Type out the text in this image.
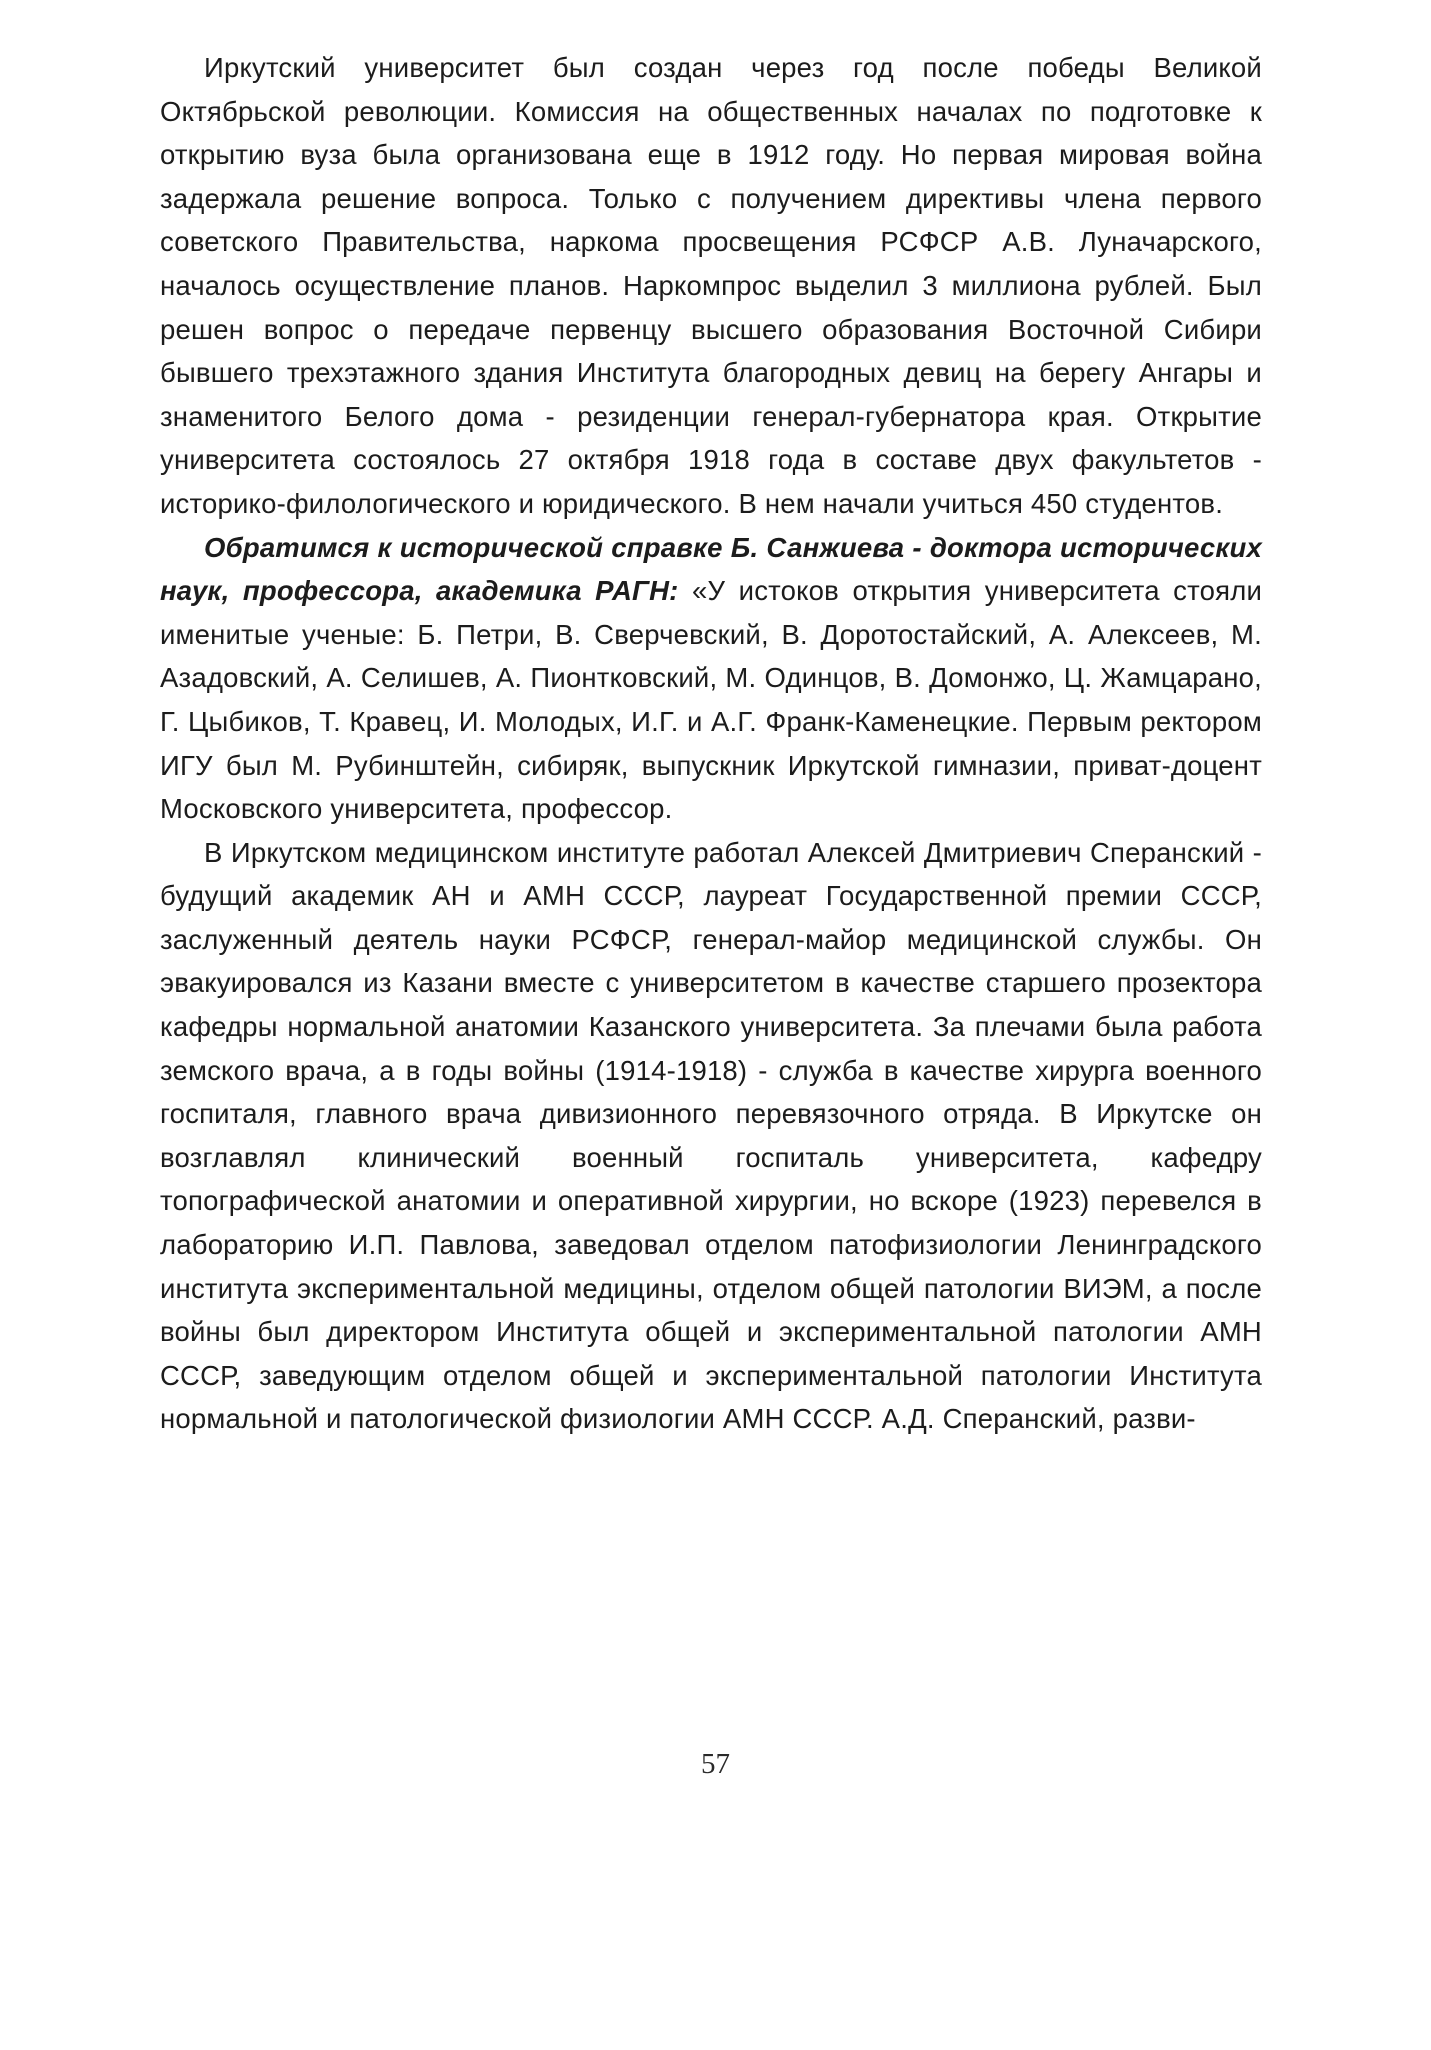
Иркутский университет был создан через год после победы Великой Октябрьской революции. Комиссия на общественных началах по подготовке к открытию вуза была организована еще в 1912 году. Но первая мировая война задержала решение вопроса. Только с получением директивы члена первого советского Правительства, наркома просвещения РСФСР А.В. Луначарского, началось осуществление планов. Наркомпрос выделил 3 миллиона рублей. Был решен вопрос о передаче первенцу высшего образования Восточной Сибири бывшего трехэтажного здания Института благородных девиц на берегу Ангары и знаменитого Белого дома - резиденции генерал-губернатора края. Открытие университета состоялось 27 октября 1918 года в составе двух факультетов - историко-филологического и юридического. В нем начали учиться 450 студентов.

Обратимся к исторической справке Б. Санжиева - доктора исторических наук, профессора, академика РАГН: «У истоков открытия университета стояли именитые ученые: Б. Петри, В. Сверчевский, В. Доротостайский, А. Алексеев, М. Азадовский, А. Селишев, А. Пионтковский, М. Одинцов, В. Домонжо, Ц. Жамцарано, Г. Цыбиков, Т. Кравец, И. Молодых, И.Г. и А.Г. Франк-Каменецкие. Первым ректором ИГУ был М. Рубинштейн, сибиряк, выпускник Иркутской гимназии, приват-доцент Московского университета, профессор.

В Иркутском медицинском институте работал Алексей Дмитриевич Сперанский - будущий академик АН и АМН СССР, лауреат Государственной премии СССР, заслуженный деятель науки РСФСР, генерал-майор медицинской службы. Он эвакуировался из Казани вместе с университетом в качестве старшего прозектора кафедры нормальной анатомии Казанского университета. За плечами была работа земского врача, а в годы войны (1914-1918) - служба в качестве хирурга военного госпиталя, главного врача дивизионного перевязочного отряда. В Иркутске он возглавлял клинический военный госпиталь университета, кафедру топографической анатомии и оперативной хирургии, но вскоре (1923) перевелся в лабораторию И.П. Павлова, заведовал отделом патофизиологии Ленинградского института экспериментальной медицины, отделом общей патологии ВИЭМ, а после войны был директором Института общей и экспериментальной патологии АМН СССР, заведующим отделом общей и экспериментальной патологии Института нормальной и патологической физиологии АМН СССР. А.Д. Сперанский, разви-

57
